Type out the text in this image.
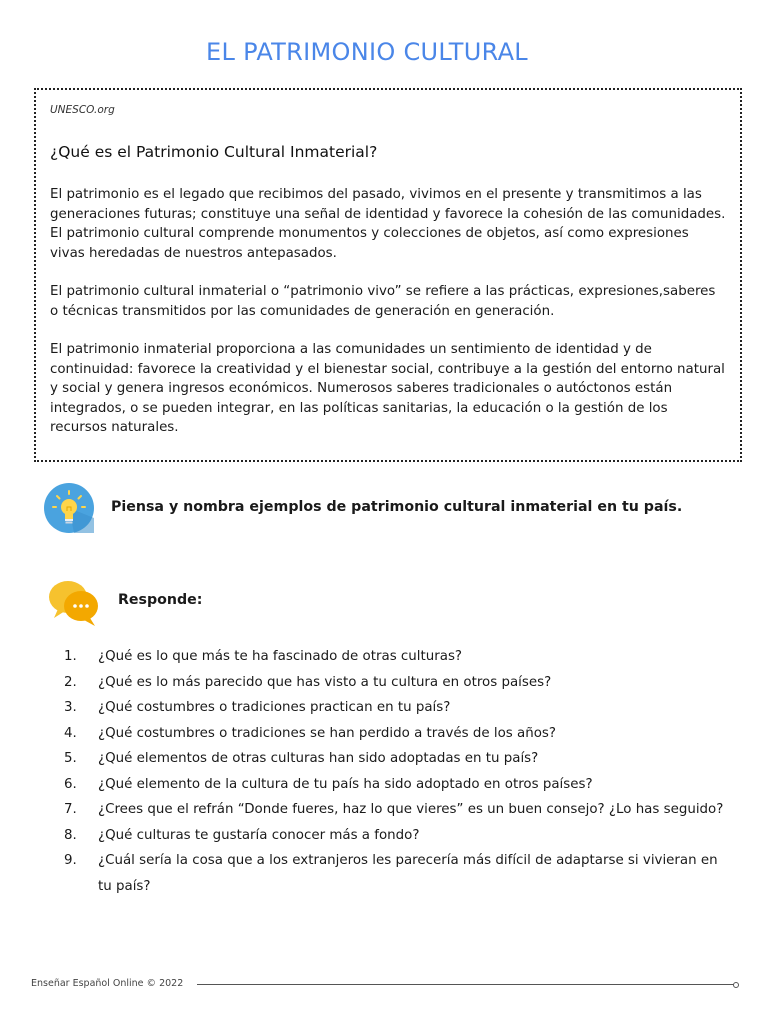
EL PATRIMONIO CULTURAL
UNESCO.org
¿Qué es el Patrimonio Cultural Inmaterial?

El patrimonio es el legado que recibimos del pasado, vivimos en el presente y transmitimos a las generaciones futuras; constituye una señal de identidad y favorece la cohesión de las comunidades. El patrimonio cultural comprende monumentos y colecciones de objetos, así como expresiones vivas heredadas de nuestros antepasados.

El patrimonio cultural inmaterial o “patrimonio vivo” se refiere a las prácticas, expresiones,saberes o técnicas transmitidos por las comunidades de generación en generación.

El patrimonio inmaterial proporciona a las comunidades un sentimiento de identidad y de continuidad: favorece la creatividad y el bienestar social, contribuye a la gestión del entorno natural y social y genera ingresos económicos. Numerosos saberes tradicionales o autóctonos están integrados, o se pueden integrar, en las políticas sanitarias, la educación o la gestión de los recursos naturales.

Piensa y nombra ejemplos de patrimonio cultural inmaterial en tu país.
Responde:
1.	¿Qué es lo que más te ha fascinado de otras culturas?
2.	¿Qué es lo más parecido que has visto a tu cultura en otros países?
3.	¿Qué costumbres o tradiciones practican en tu país?
4.	¿Qué costumbres o tradiciones se han perdido a través de los años?
5.	¿Qué elementos de otras culturas han sido adoptadas en tu país?
6.	¿Qué elemento de la cultura de tu país ha sido adoptado en otros países?
7.	¿Crees que el refrán “Donde fueres, haz lo que vieres” es un buen consejo? ¿Lo has seguido?
8.	¿Qué culturas te gustaría conocer más a fondo?
9.	¿Cuál sería la cosa que a los extranjeros les parecería más difícil de adaptarse si vivieran en tu país?
Enseñar Español Online © 2022
